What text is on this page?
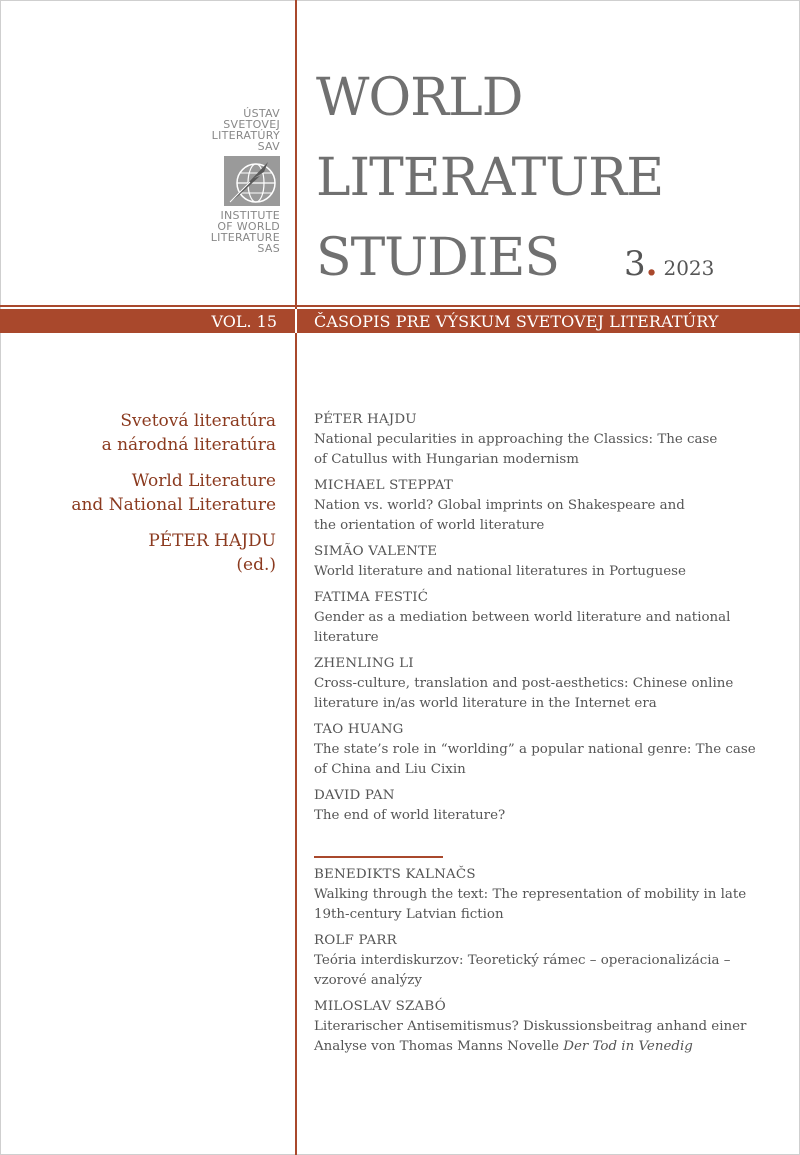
ÚSTAV
SVETOVEJ
LITERATÚRY
SAV
INSTITUTE
OF WORLD
LITERATURE
SAS
WORLD
LITERATURE
STUDIES	3. 2023
VOL. 15 ČASOPIS PRE VÝSKUM SVETOVEJ LITERATÚRY
Svetová literatúra
a národná literatúra
World Literature
and National Literature
PÉTER HAJDU
(ed.)
PÉTER HAJDU
National pecularities in approaching the Classics: The case
of Catullus with Hungarian modernism
MICHAEL STEPPAT
Nation vs. world? Global imprints on Shakespeare and
the orientation of world literature
SIMÃO VALENTE
World literature and national literatures in Portuguese
FATIMA FESTIĆ
Gender as a mediation between world literature and national
literature
ZHENLING LI
Cross-culture, translation and post-aesthetics: Chinese online
literature in/as world literature in the Internet era
TAO HUANG
The state’s role in “worlding” a popular national genre: The case
of China and Liu Cixin
DAVID PAN
The end of world literature?
BENEDIKTS KALNAČS
Walking through the text: The representation of mobility in late
19th-century Latvian fiction
ROLF PARR
Teória interdiskurzov: Teoretický rámec – operacionalizácia –
vzorové analýzy
MILOSLAV SZABÓ
Literarischer Antisemitismus? Diskussionsbeitrag anhand einer
Analyse von Thomas Manns Novelle Der Tod in Venedig
